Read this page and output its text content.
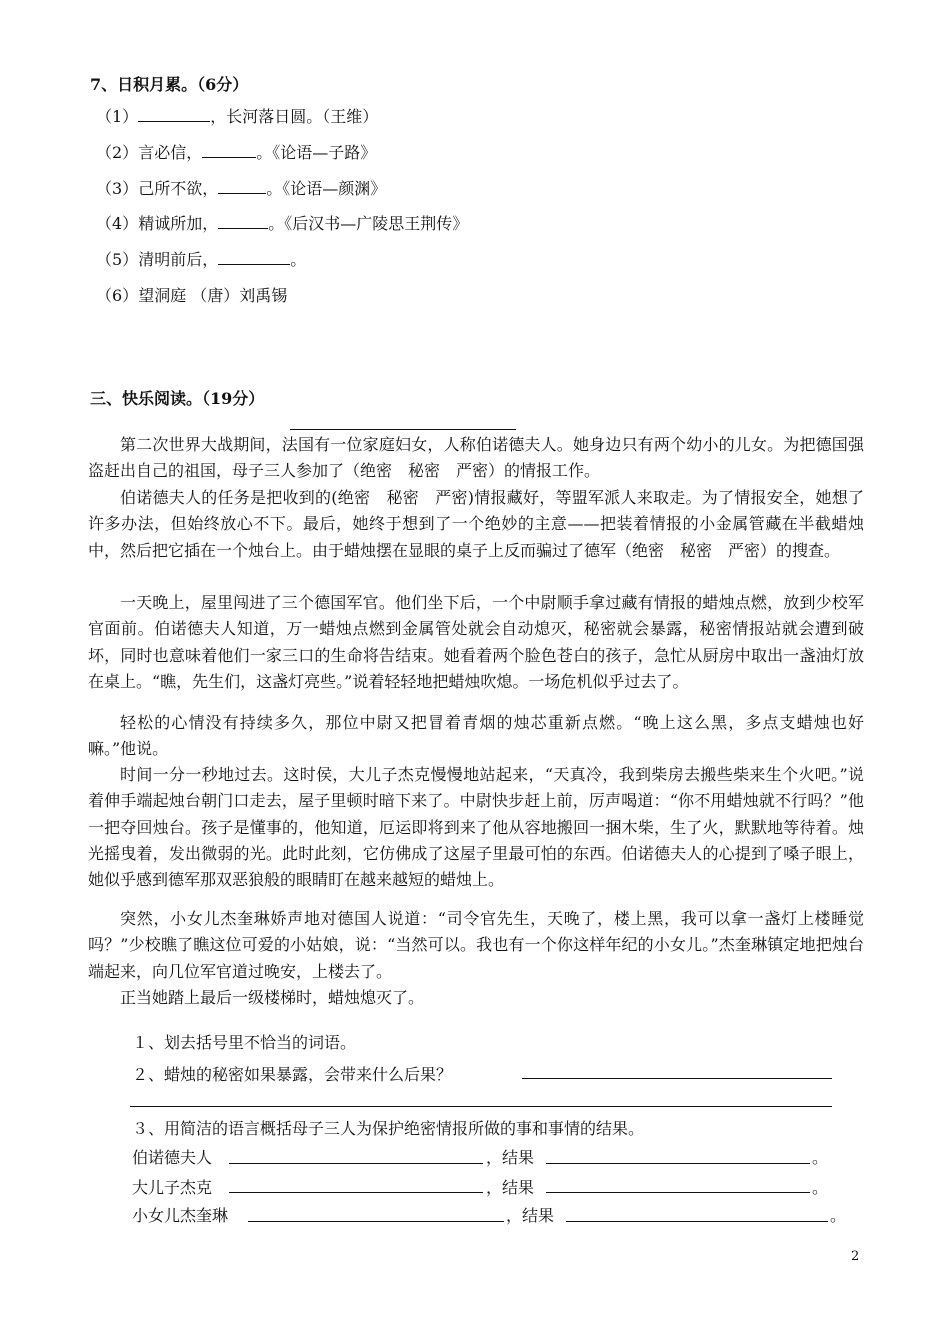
7、日积月累。（6分）
（1）	，长河落日圆。（王维）
（2）言必信，	。《论语—子路》
（3）己所不欲，	。《论语—颜渊》
（4）精诚所加，	。《后汉书—广陵思王荆传》
（5）清明前后，	。
（6）望洞庭 （唐）刘禹锡
三、快乐阅读。（19分）
第二次世界大战期间，法国有一位家庭妇女，人称伯诺德夫人。她身边只有两个幼小的儿女。为把德国强盗赶出自己的祖国，母子三人参加了（绝密　秘密　严密）的情报工作。
伯诺德夫人的任务是把收到的(绝密　秘密　严密)情报藏好，等盟军派人来取走。为了情报安全，她想了许多办法，但始终放心不下。最后，她终于想到了一个绝妙的主意——把装着情报的小金属管藏在半截蜡烛中，然后把它插在一个烛台上。由于蜡烛摆在显眼的桌子上反而骗过了德军（绝密　秘密　严密）的搜查。
一天晚上，屋里闯进了三个德国军官。他们坐下后，一个中尉顺手拿过藏有情报的蜡烛点燃，放到少校军官面前。伯诺德夫人知道，万一蜡烛点燃到金属管处就会自动熄灭，秘密就会暴露，秘密情报站就会遭到破坏，同时也意味着他们一家三口的生命将告结束。她看着两个脸色苍白的孩子，急忙从厨房中取出一盏油灯放在桌上。“瞧，先生们，这盏灯亮些。”说着轻轻地把蜡烛吹熄。一场危机似乎过去了。
轻松的心情没有持续多久，那位中尉又把冒着青烟的烛芯重新点燃。“晚上这么黑，多点支蜡烛也好嘛。”他说。
时间一分一秒地过去。这时侯，大儿子杰克慢慢地站起来，“天真冷，我到柴房去搬些柴来生个火吧。”说着伸手端起烛台朝门口走去，屋子里顿时暗下来了。中尉快步赶上前，厉声喝道：“你不用蜡烛就不行吗？”他一把夺回烛台。孩子是懂事的，他知道，厄运即将到来了他从容地搬回一捆木柴，生了火，默默地等待着。烛光摇曳着，发出微弱的光。此时此刻，它仿佛成了这屋子里最可怕的东西。伯诺德夫人的心提到了嗓子眼上，她似乎感到德军那双恶狼般的眼睛盯在越来越短的蜡烛上。
突然，小女儿杰奎琳娇声地对德国人说道：“司令官先生，天晚了，楼上黑，我可以拿一盏灯上楼睡觉吗？”少校瞧了瞧这位可爱的小姑娘，说：“当然可以。我也有一个你这样年纪的小女儿。”杰奎琳镇定地把烛台端起来，向几位军官道过晚安，上楼去了。
正当她踏上最后一级楼梯时，蜡烛熄灭了。
１、划去括号里不恰当的词语。
２、蜡烛的秘密如果暴露，会带来什么后果？
３、用简洁的语言概括母子三人为保护绝密情报所做的事和事情的结果。
伯诺德夫人	，结果	。
大儿子杰克	，结果	。
小女儿杰奎琳	，结果	。
2
